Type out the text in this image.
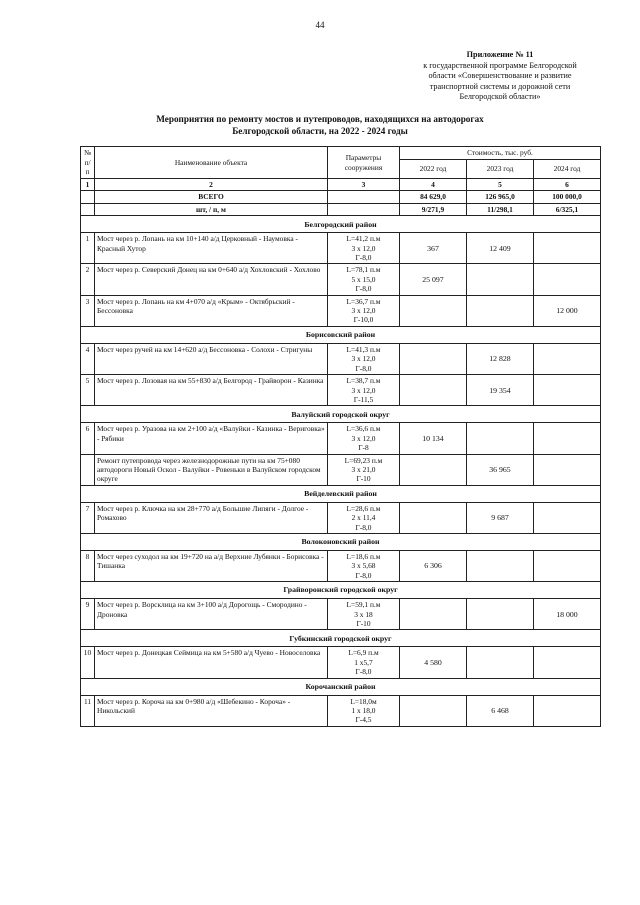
44
Приложение № 11
к государственной программе Белгородской
области «Совершенствование и развитие
транспортной системы и дорожной сети
Белгородской области»
Мероприятия по ремонту мостов и путепроводов, находящихся на автодорогах
Белгородской области, на 2022 - 2024 годы
№ п/п	Наименование объекта	Параметры сооружения	Стоимость, тыс. руб.		
			2022 год	2023 год	2024 год
1	2	3	4	5	6
	ВСЕГО		84 629,0	126 965,0	100 000,0
	шт, / п, м		9/271,9	11/298,1	6/325,1
Белгородский район					
1	Мост через р. Лопань на км 10+140 а/д Церковный - Наумовка - Красный Хутор	L=41,2 п.м
3 х 12,0
Г-8,0	367	12 409	
2	Мост через р. Северский Донец на км 0+640 а/д Хохловский - Хохлово	L=78,1 п.м
5 х 15,0
Г-8,0	25 097		
3	Мост через р. Лопань на км 4+070 а/д «Крым» - Октябрьский - Бессоновка	L=36,7 п.м
3 х 12,0
Г-10,0			12 000
Борисовский район					
4	Мост через ручей на км 14+620 а/д Бессоновка - Солохи - Стригуны	L=41,3 п.м
3 х 12,0
Г-8,0		12 828	
5	Мост через р. Лозовая на км 55+830 а/д Белгород - Грайворон - Казинка	L=38,7 п.м
3 х 12,0
Г-11,5		19 354	
Валуйский городской округ					
6	Мост через р. Уразова на км 2+100 а/д «Валуйки - Казинка - Вериговка» - Рябики	L=36,6 п.м
3 х 12,0
Г-8	10 134		
	Ремонт путепровода через железнодорожные пути на км 75+080 автодороги Новый Оскол - Валуйки - Ровеньки в Валуйском городском округе	L=69,23 п.м
3 х 21,0
Г-10		36 965	
Вейделевский район					
7	Мост через р. Ключка на км 28+770 а/д Большие Липяги - Долгое - Ромахово	L=28,6 п.м
2 х 11,4
Г-8,0		9 687	
Волоконовский район					
8	Мост через суходол на км 19+720 на а/д Верхние Лубянки - Борисовка - Тишанка	L=18,6 п.м
3 х 5,68
Г-8,0	6 306		
Грайворонский городской округ					
9	Мост через р. Ворсклица на км 3+100 а/д Дорогощь - Смородино - Дроновка	L=59,1 п.м
3 х 18
Г-10			18 000
Губкинский городской округ					
10	Мост через р. Донецкая Сеймица на км 5+580 а/д Чуево - Новоселовка	L=6,9 п.м
1 х5,7
Г-8,0	4 580		
Корочанский район					
11	Мост через р. Короча на км 0+980 а/д «Шебекино - Короча» - Никольский	L=18,0м
1 х 18,0
Г-4,5		6 468	
